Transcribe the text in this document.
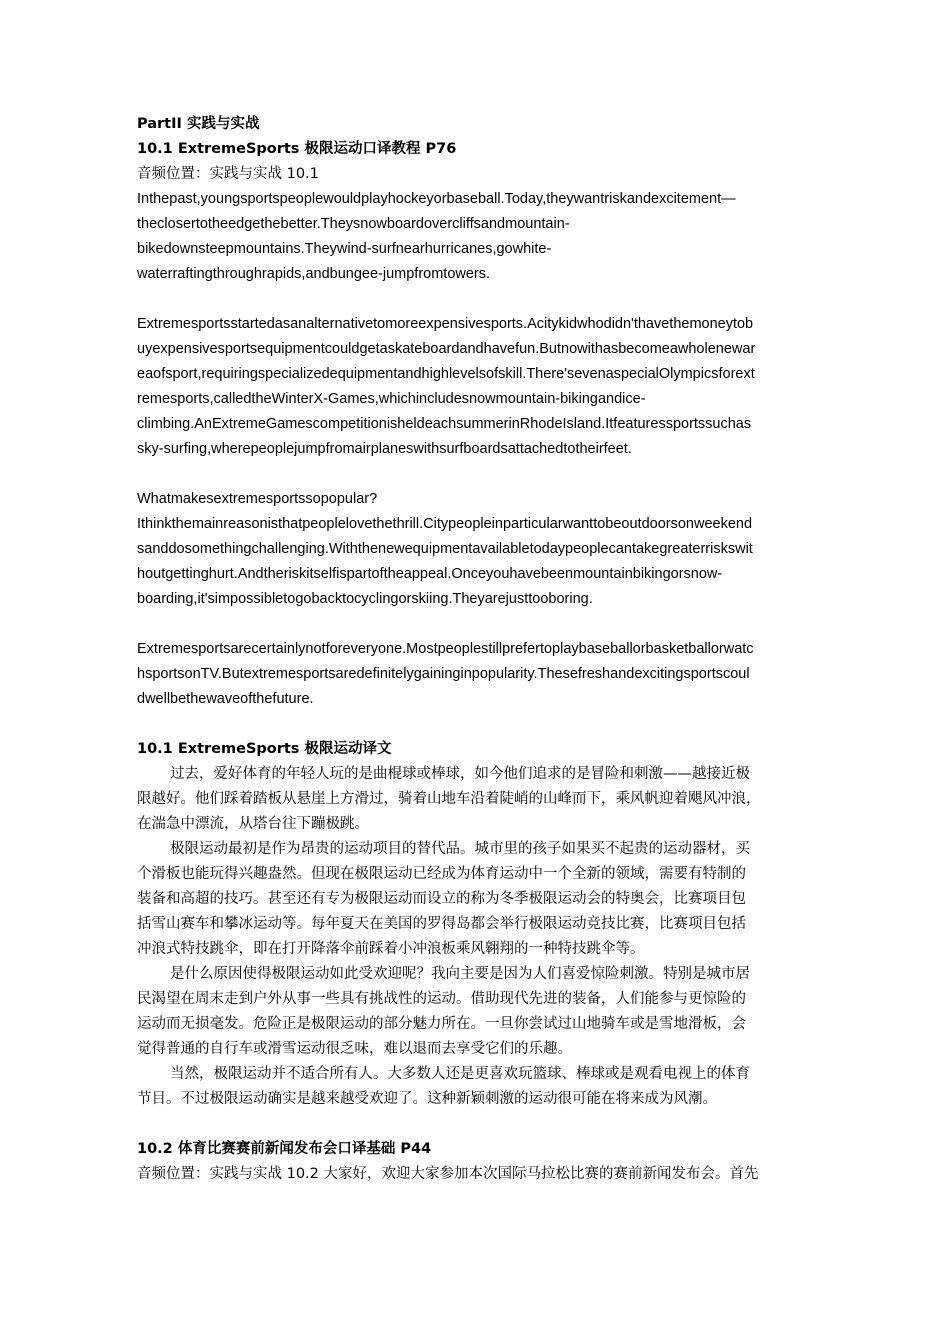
PartII 实践与实战

10.1 ExtremeSports 极限运动口译教程 P76

音频位置：实践与实战 10.1

Inthepast,youngsportspeoplewouldplayhockeyorbaseball.Today,theywantriskandexcitement—

theclosertotheedgethebetter.Theysnowboardovercliffsandmountain-

bikedownsteepmountains.Theywind-surfnearhurricanes,gowhite-

waterraftingthroughrapids,andbungee-jumpfromtowers.

Extremesportsstartedasanalternativetomoreexpensivesports.Acitykidwhodidn'thavethemoneytob

uyexpensivesportsequipmentcouldgetaskateboardandhavefun.Butnowithasbecomeawholenewar

eaofsport,requiringspecializedequipmentandhighlevelsofskill.There'sevenaspecialOlympicsforext

remesports,calledtheWinterX-Games,whichincludesnowmountain-bikingandice-

climbing.AnExtremeGamescompetitionisheldeachsummerinRhodeIsland.Itfeaturessportssuchas

sky-surfing,wherepeoplejumpfromairplaneswithsurfboardsattachedtotheirfeet.

Whatmakesextremesportssopopular?

Ithinkthemainreasonisthatpeoplelovethethrill.Citypeopleinparticularwanttobeoutdoorsonweekend

sanddosomethingchallenging.Withthenewequipmentavailabletodaypeoplecantakegreaterriskswit

houtgettinghurt.Andtheriskitselfispartoftheappeal.Onceyouhavebeenmountainbikingorsnow-

boarding,it'simpossibletogobacktocyclingorskiing.Theyarejusttooboring.

Extremesportsarecertainlynotforeveryone.Mostpeoplestillprefertoplaybaseballorbasketballorwatc

hsportsonTV.Butextremesportsaredefinitelygaininginpopularity.Thesefreshandexcitingsportscoul

dwellbethewaveofthefuture.

10.1 ExtremeSports 极限运动译文

过去，爱好体育的年轻人玩的是曲棍球或棒球，如今他们追求的是冒险和刺激——越接近极

限越好。他们踩着踏板从悬崖上方滑过，骑着山地车沿着陡峭的山峰而下，乘风帆迎着飓风冲浪，

在湍急中漂流，从塔台往下蹦极跳。

极限运动最初是作为昂贵的运动项目的替代品。城市里的孩子如果买不起贵的运动器材，买

个滑板也能玩得兴趣盎然。但现在极限运动已经成为体育运动中一个全新的领域，需要有特制的

装备和高超的技巧。甚至还有专为极限运动而设立的称为冬季极限运动会的特奥会，比赛项目包

括雪山赛车和攀冰运动等。每年夏天在美国的罗得岛都会举行极限运动竞技比赛，比赛项目包括

冲浪式特技跳伞，即在打开降落伞前踩着小冲浪板乘风翱翔的一种特技跳伞等。

是什么原因使得极限运动如此受欢迎呢？我向主要是因为人们喜爱惊险刺激。特别是城市居

民渴望在周末走到户外从事一些具有挑战性的运动。借助现代先进的装备，人们能参与更惊险的

运动而无损毫发。危险正是极限运动的部分魅力所在。一旦你尝试过山地骑车或是雪地滑板，会

觉得普通的自行车或滑雪运动很乏味，难以退而去享受它们的乐趣。

当然，极限运动并不适合所有人。大多数人还是更喜欢玩篮球、棒球或是观看电视上的体育

节目。不过极限运动确实是越来越受欢迎了。这种新颖刺激的运动很可能在将来成为风潮。

10.2 体育比赛赛前新闻发布会口译基础 P44

音频位置：实践与实战 10.2 大家好，欢迎大家参加本次国际马拉松比赛的赛前新闻发布会。首先
